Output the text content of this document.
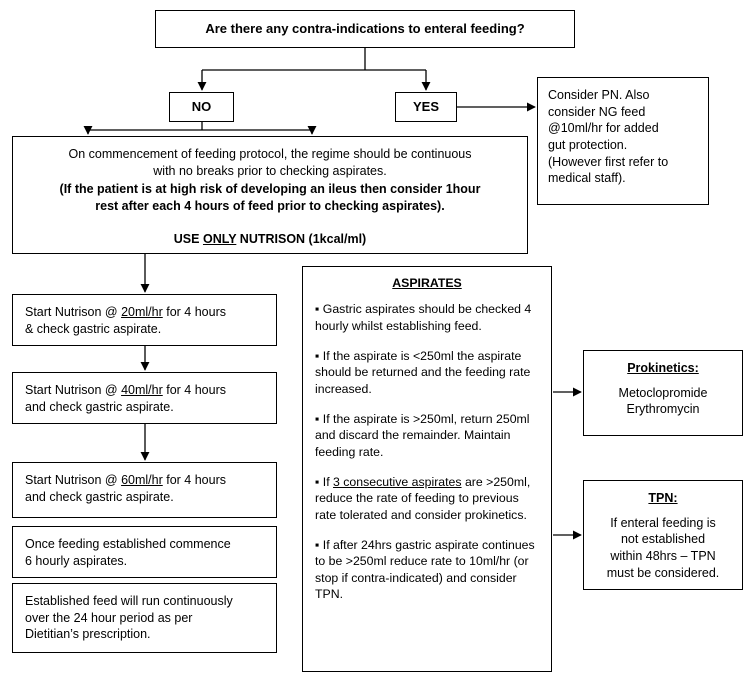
Are there any contra-indications to enteral feeding?
NO	YES
Consider PN. Also
consider NG feed
@10ml/hr for added
gut protection.
(However first refer to
medical staff).
On commencement of feeding protocol, the regime should be continuous
with no breaks prior to checking aspirates.
(If the patient is at high risk of developing an ileus then consider 1hour
rest after each 4 hours of feed prior to checking aspirates).
USE ONLY NUTRISON (1kcal/ml)
Start Nutrison @ 20ml/hr for 4 hours
& check gastric aspirate.
Start Nutrison @ 40ml/hr for 4 hours
and check gastric aspirate.
Start Nutrison @ 60ml/hr for 4 hours
and check gastric aspirate.
Once feeding established commence
6 hourly aspirates.
Established feed will run continuously
over the 24 hour period as per
Dietitian’s prescription.
ASPIRATES

▪ Gastric aspirates should be checked 4 hourly whilst establishing feed.

▪ If the aspirate is <250ml the aspirate should be returned and the feeding rate increased.

▪ If the aspirate is >250ml, return 250ml and discard the remainder. Maintain feeding rate.

▪ If 3 consecutive aspirates are >250ml, reduce the rate of feeding to previous rate tolerated and consider prokinetics.

▪ If after 24hrs gastric aspirate continues to be >250ml reduce rate to 10ml/hr (or stop if contra-indicated) and consider TPN.

Prokinetics:
Metoclopromide
Erythromycin
TPN:
If enteral feeding is
not established
within 48hrs – TPN
must be considered.
